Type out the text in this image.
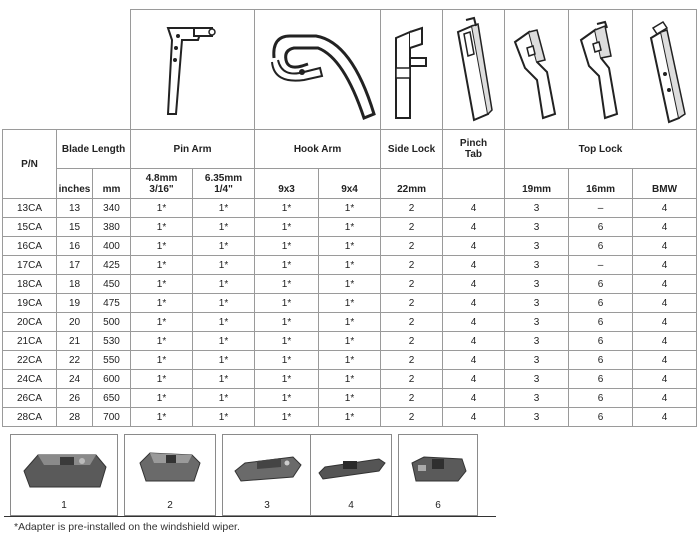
P/N	Blade Length		Pin Arm		Hook Arm		Side Lock	Pinch
Tab	Top Lock		
	inches	mm	4.8mm
3/16"	6.35mm
1/4"	9x3	9x4	22mm		19mm	16mm	BMW
13CA	13	340	1*	1*	1*	1*	2	4	3	–	4
15CA	15	380	1*	1*	1*	1*	2	4	3	6	4
16CA	16	400	1*	1*	1*	1*	2	4	3	6	4
17CA	17	425	1*	1*	1*	1*	2	4	3	–	4
18CA	18	450	1*	1*	1*	1*	2	4	3	6	4
19CA	19	475	1*	1*	1*	1*	2	4	3	6	4
20CA	20	500	1*	1*	1*	1*	2	4	3	6	4
21CA	21	530	1*	1*	1*	1*	2	4	3	6	4
22CA	22	550	1*	1*	1*	1*	2	4	3	6	4
24CA	24	600	1*	1*	1*	1*	2	4	3	6	4
26CA	26	650	1*	1*	1*	1*	2	4	3	6	4
28CA	28	700	1*	1*	1*	1*	2	4	3	6	4
1	2	3	4	6
*Adapter is pre-installed on the windshield wiper.
